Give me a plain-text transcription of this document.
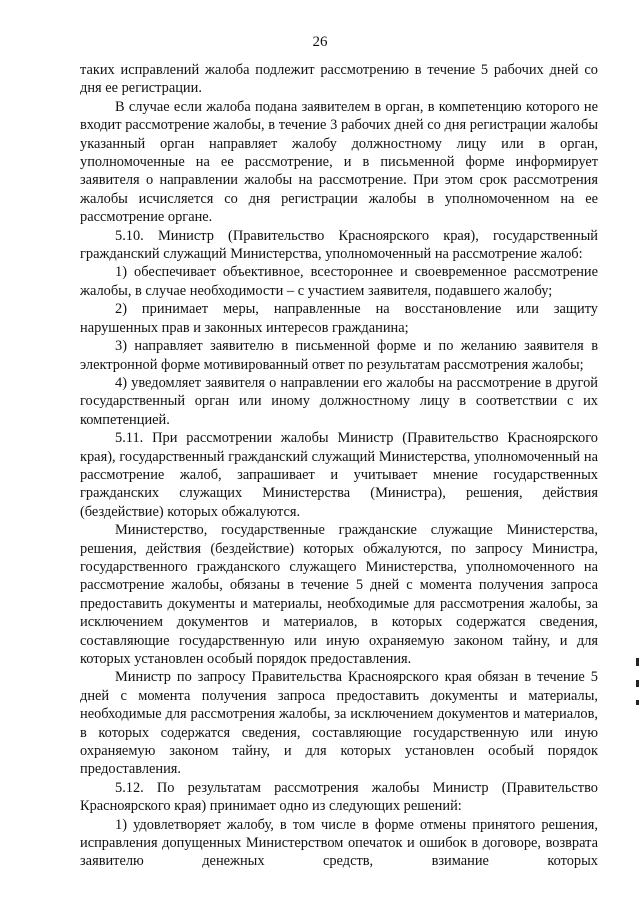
26

таких исправлений жалоба подлежит рассмотрению в течение 5 рабочих дней со дня ее регистрации.

В случае если жалоба подана заявителем в орган, в компетенцию которого не входит рассмотрение жалобы, в течение 3 рабочих дней со дня регистрации жалобы указанный орган направляет жалобу должностному лицу или в орган, уполномоченные на ее рассмотрение, и в письменной форме информирует заявителя о направлении жалобы на рассмотрение. При этом срок рассмотрения жалобы исчисляется со дня регистрации жалобы в уполномоченном на ее рассмотрение органе.

5.10. Министр (Правительство Красноярского края), государственный гражданский служащий Министерства, уполномоченный на рассмотрение жалоб:

1) обеспечивает объективное, всестороннее и своевременное рассмотрение жалобы, в случае необходимости – с участием заявителя, подавшего жалобу;

2) принимает меры, направленные на восстановление или защиту нарушенных прав и законных интересов гражданина;

3) направляет заявителю в письменной форме и по желанию заявителя в электронной форме мотивированный ответ по результатам рассмотрения жалобы;

4) уведомляет заявителя о направлении его жалобы на рассмотрение в другой государственный орган или иному должностному лицу в соответствии с их компетенцией.

5.11. При рассмотрении жалобы Министр (Правительство Красноярского края), государственный гражданский служащий Министерства, уполномоченный на рассмотрение жалоб, запрашивает и учитывает мнение государственных гражданских служащих Министерства (Министра), решения, действия (бездействие) которых обжалуются.

Министерство, государственные гражданские служащие Министерства, решения, действия (бездействие) которых обжалуются, по запросу Министра, государственного гражданского служащего Министерства, уполномоченного на рассмотрение жалобы, обязаны в течение 5 дней с момента получения запроса предоставить документы и материалы, необходимые для рассмотрения жалобы, за исключением документов и материалов, в которых содержатся сведения, составляющие государственную или иную охраняемую законом тайну, и для которых установлен особый порядок предоставления.

Министр по запросу Правительства Красноярского края обязан в течение 5 дней с момента получения запроса предоставить документы и материалы, необходимые для рассмотрения жалобы, за исключением документов и материалов, в которых содержатся сведения, составляющие государственную или иную охраняемую законом тайну, и для которых установлен особый порядок предоставления.

5.12. По результатам рассмотрения жалобы Министр (Правительство Красноярского края) принимает одно из следующих решений:

1) удовлетворяет жалобу, в том числе в форме отмены принятого решения, исправления допущенных Министерством опечаток и ошибок в договоре, возврата заявителю денежных средств, взимание которых
